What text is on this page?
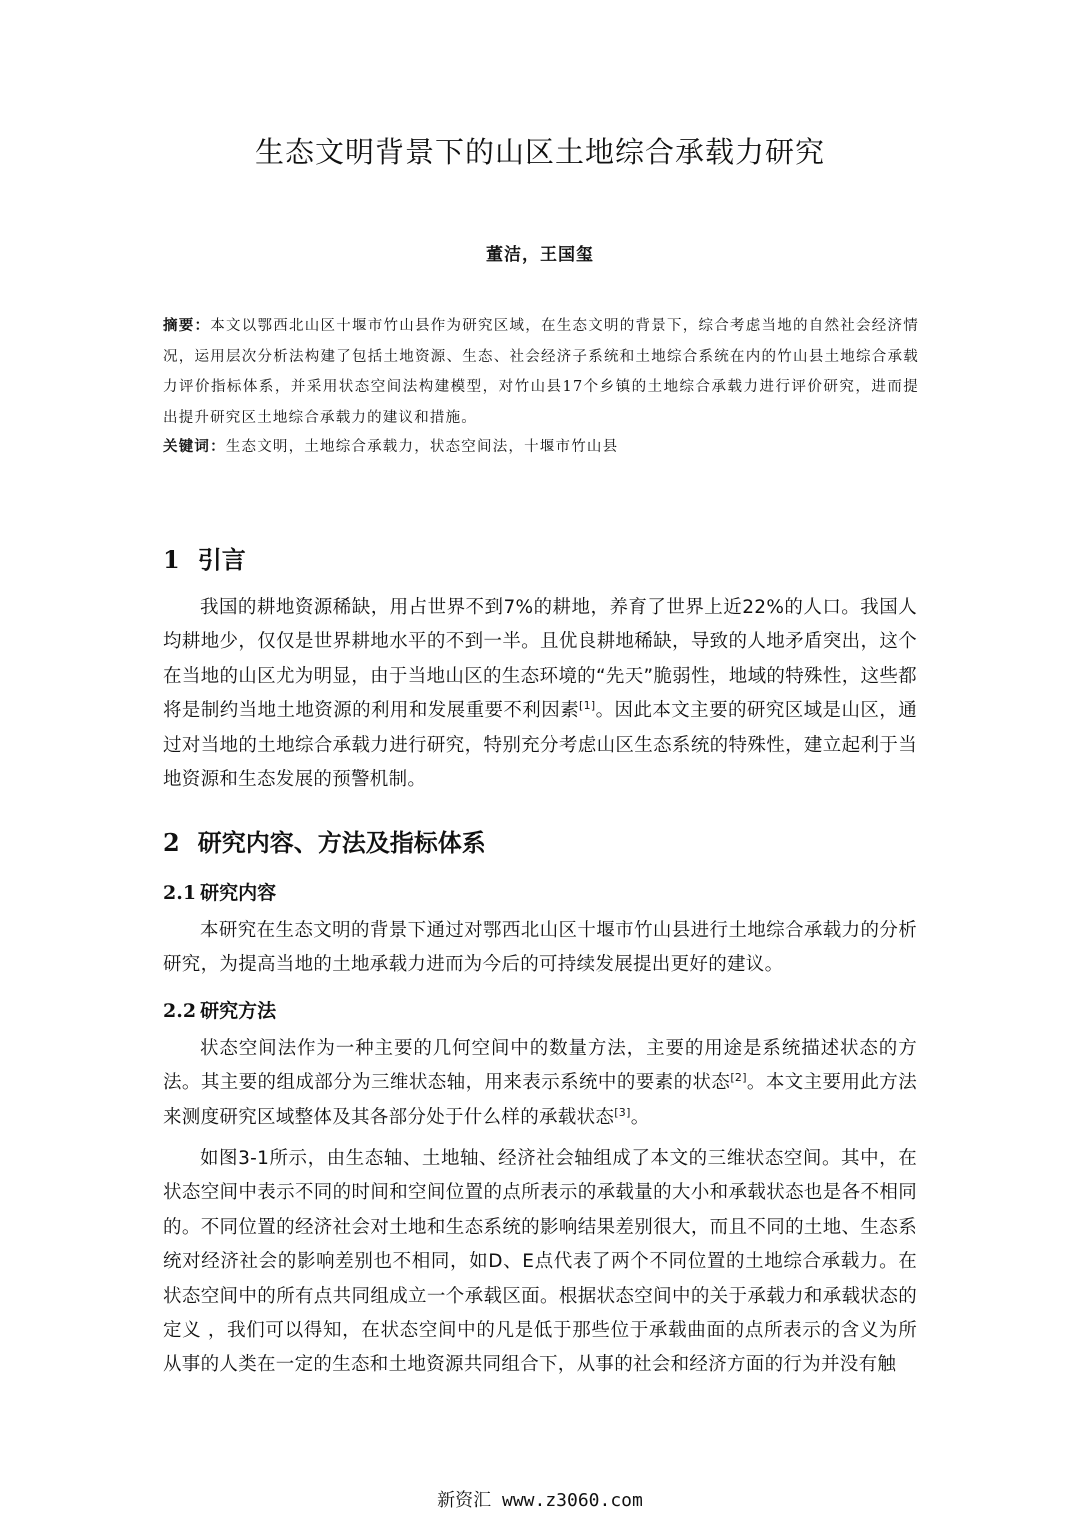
生态文明背景下的山区土地综合承载力研究
董洁，王国玺
摘要：本文以鄂西北山区十堰市竹山县作为研究区域，在生态文明的背景下，综合考虑当地的自然社会经济情况，运用层次分析法构建了包括土地资源、生态、社会经济子系统和土地综合系统在内的竹山县土地综合承载力评价指标体系，并采用状态空间法构建模型，对竹山县17个乡镇的土地综合承载力进行评价研究，进而提出提升研究区土地综合承载力的建议和措施。
关键词：生态文明，土地综合承载力，状态空间法，十堰市竹山县
1 引言
我国的耕地资源稀缺，用占世界不到7%的耕地，养育了世界上近22%的人口。我国人均耕地少，仅仅是世界耕地水平的不到一半。且优良耕地稀缺，导致的人地矛盾突出，这个在当地的山区尤为明显，由于当地山区的生态环境的“先天”脆弱性，地域的特殊性，这些都将是制约当地土地资源的利用和发展重要不利因素[1]。因此本文主要的研究区域是山区，通过对当地的土地综合承载力进行研究，特别充分考虑山区生态系统的特殊性，建立起利于当地资源和生态发展的预警机制。
2 研究内容、方法及指标体系
2.1 研究内容
本研究在生态文明的背景下通过对鄂西北山区十堰市竹山县进行土地综合承载力的分析研究，为提高当地的土地承载力进而为今后的可持续发展提出更好的建议。
2.2 研究方法
状态空间法作为一种主要的几何空间中的数量方法，主要的用途是系统描述状态的方法。其主要的组成部分为三维状态轴，用来表示系统中的要素的状态[2]。本文主要用此方法来测度研究区域整体及其各部分处于什么样的承载状态[3]。
如图3-1所示，由生态轴、土地轴、经济社会轴组成了本文的三维状态空间。其中，在状态空间中表示不同的时间和空间位置的点所表示的承载量的大小和承载状态也是各不相同的。不同位置的经济社会对土地和生态系统的影响结果差别很大，而且不同的土地、生态系统对经济社会的影响差别也不相同，如D、E点代表了两个不同位置的土地综合承载力。在状态空间中的所有点共同组成立一个承载区面。根据状态空间中的关于承载力和承载状态的定义 ，我们可以得知，在状态空间中的凡是低于那些位于承载曲面的点所表示的含义为所从事的人类在一定的生态和土地资源共同组合下，从事的社会和经济方面的行为并没有触
新资汇 www.z3060.com
